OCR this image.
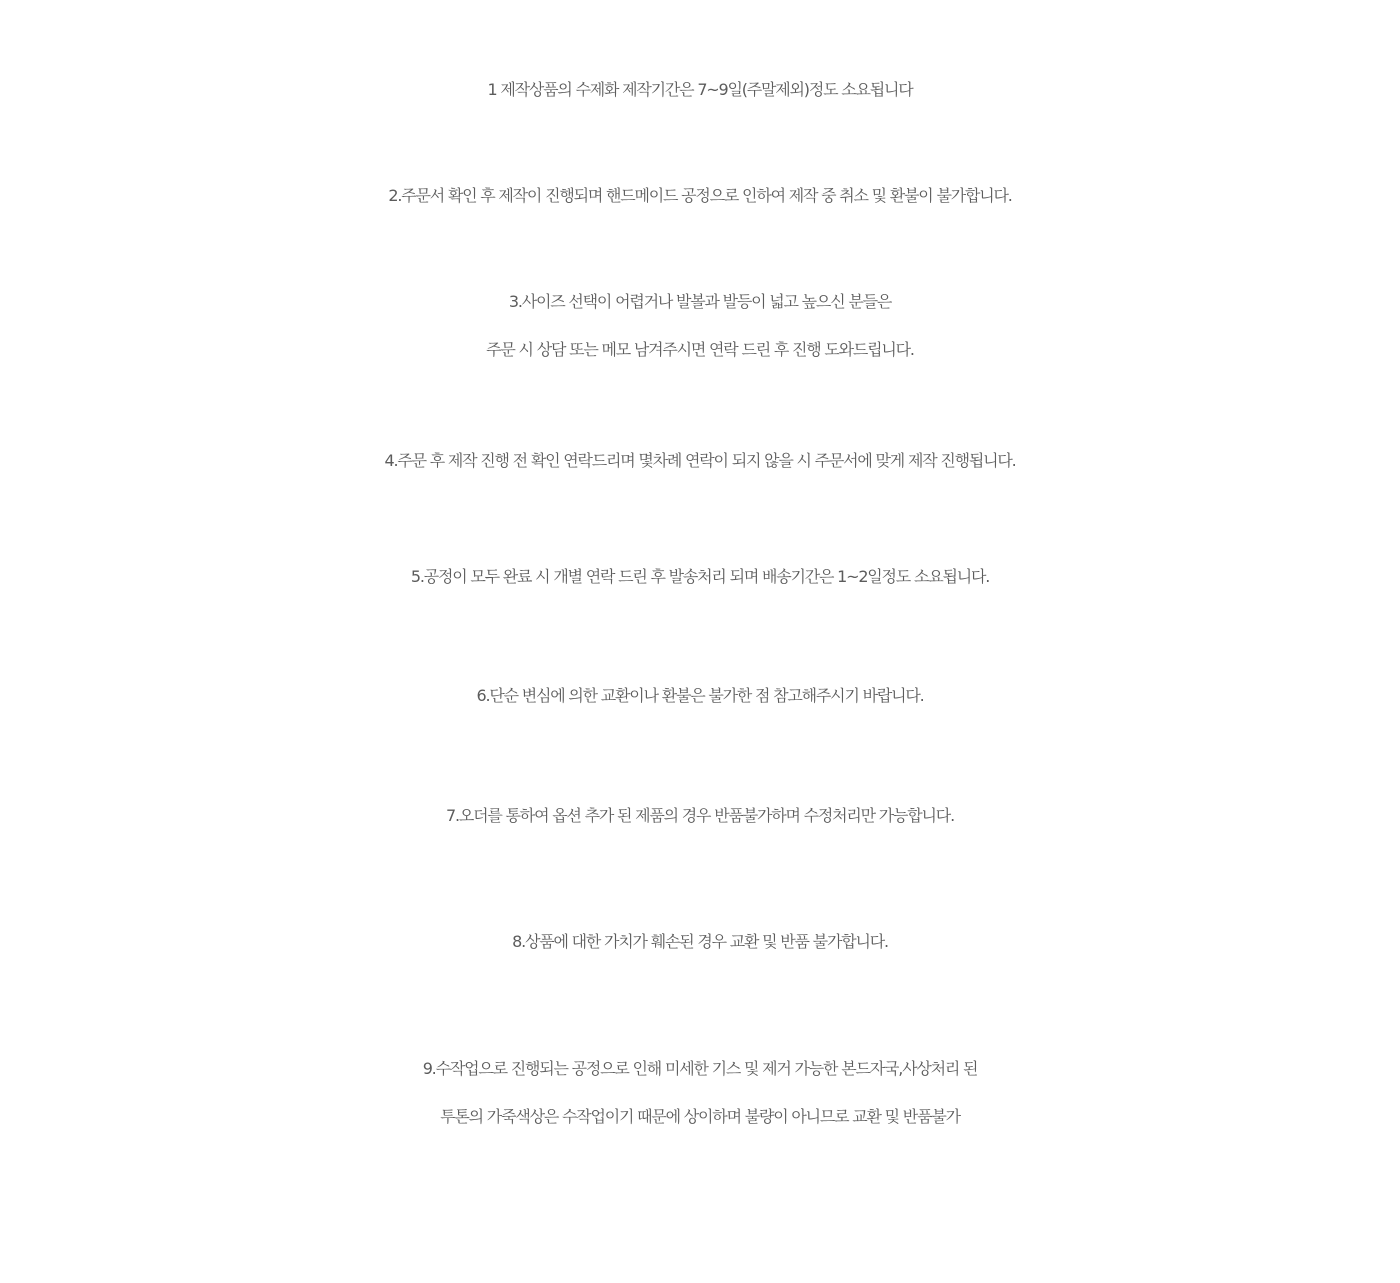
1 제작상품의 수제화 제작기간은 7~9일(주말제외)정도 소요됩니다
2.주문서 확인 후 제작이 진행되며 핸드메이드 공정으로 인하여 제작 중 취소 및 환불이 불가합니다.
3.사이즈 선택이 어렵거나 발볼과 발등이 넓고 높으신 분들은
주문 시 상담 또는 메모 남겨주시면 연락 드린 후 진행 도와드립니다.
4.주문 후 제작 진행 전 확인 연락드리며 몇차례 연락이 되지 않을 시 주문서에 맞게 제작 진행됩니다.
5.공정이 모두 완료 시 개별 연락 드린 후 발송처리 되며 배송기간은 1~2일정도 소요됩니다.
6.단순 변심에 의한 교환이나 환불은 불가한 점 참고해주시기 바랍니다.
7.오더를 통하여 옵션 추가 된 제품의 경우 반품불가하며 수정처리만 가능합니다.
8.상품에 대한 가치가 훼손된 경우 교환 및 반품 불가합니다.
9.수작업으로 진행되는 공정으로 인해 미세한 기스 및 제거 가능한 본드자국,사상처리 된
투톤의 가죽색상은 수작업이기 때문에 상이하며 불량이 아니므로 교환 및 반품불가
